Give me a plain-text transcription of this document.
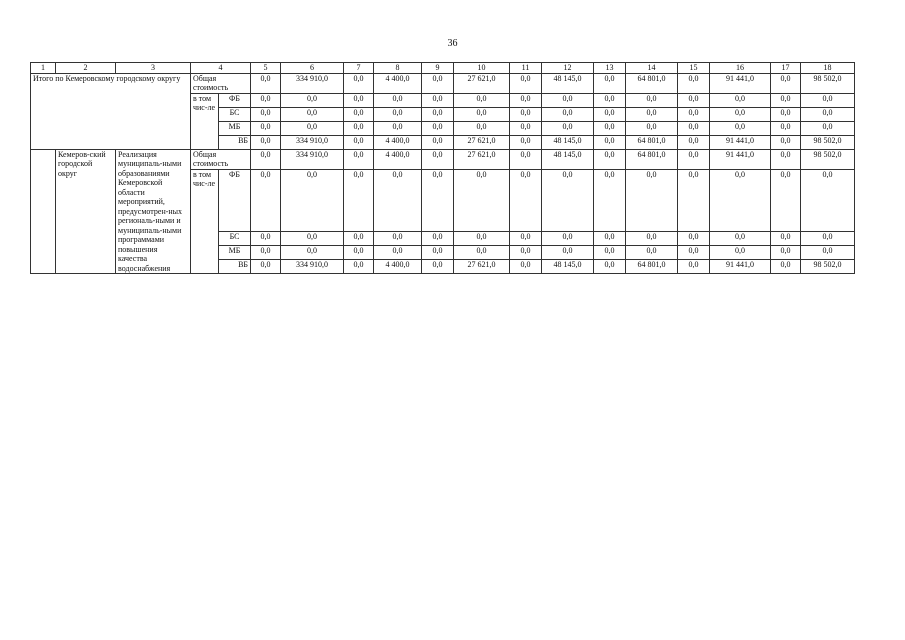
36
1	2	3	4		5	6	7	8	9	10	11	12	13	14	15	16	17	18
Итого по Кемеровскому городскому округу			Общая стоимость		0,0	334 910,0	0,0	4 400,0	0,0	27 621,0	0,0	48 145,0	0,0	64 801,0	0,0	91 441,0	0,0	98 502,0
			в том чис-ле	ФБ	0,0	0,0	0,0	0,0	0,0	0,0	0,0	0,0	0,0	0,0	0,0	0,0	0,0	0,0
				БС	0,0	0,0	0,0	0,0	0,0	0,0	0,0	0,0	0,0	0,0	0,0	0,0	0,0	0,0
				МБ	0,0	0,0	0,0	0,0	0,0	0,0	0,0	0,0	0,0	0,0	0,0	0,0	0,0	0,0
				ВБ	0,0	334 910,0	0,0	4 400,0	0,0	27 621,0	0,0	48 145,0	0,0	64 801,0	0,0	91 441,0	0,0	98 502,0
	Кемеров-ский городской округ	Реализация муниципаль-ными образованиями Кемеровской области мероприятий, предусмотрен-ных региональ-ными и муниципаль-ными программами повышения качества водоснабжения	Общая стоимость		0,0	334 910,0	0,0	4 400,0	0,0	27 621,0	0,0	48 145,0	0,0	64 801,0	0,0	91 441,0	0,0	98 502,0
			в том чис-ле	ФБ	0,0	0,0	0,0	0,0	0,0	0,0	0,0	0,0	0,0	0,0	0,0	0,0	0,0	0,0
				БС	0,0	0,0	0,0	0,0	0,0	0,0	0,0	0,0	0,0	0,0	0,0	0,0	0,0	0,0
				МБ	0,0	0,0	0,0	0,0	0,0	0,0	0,0	0,0	0,0	0,0	0,0	0,0	0,0	0,0
				ВБ	0,0	334 910,0	0,0	4 400,0	0,0	27 621,0	0,0	48 145,0	0,0	64 801,0	0,0	91 441,0	0,0	98 502,0
